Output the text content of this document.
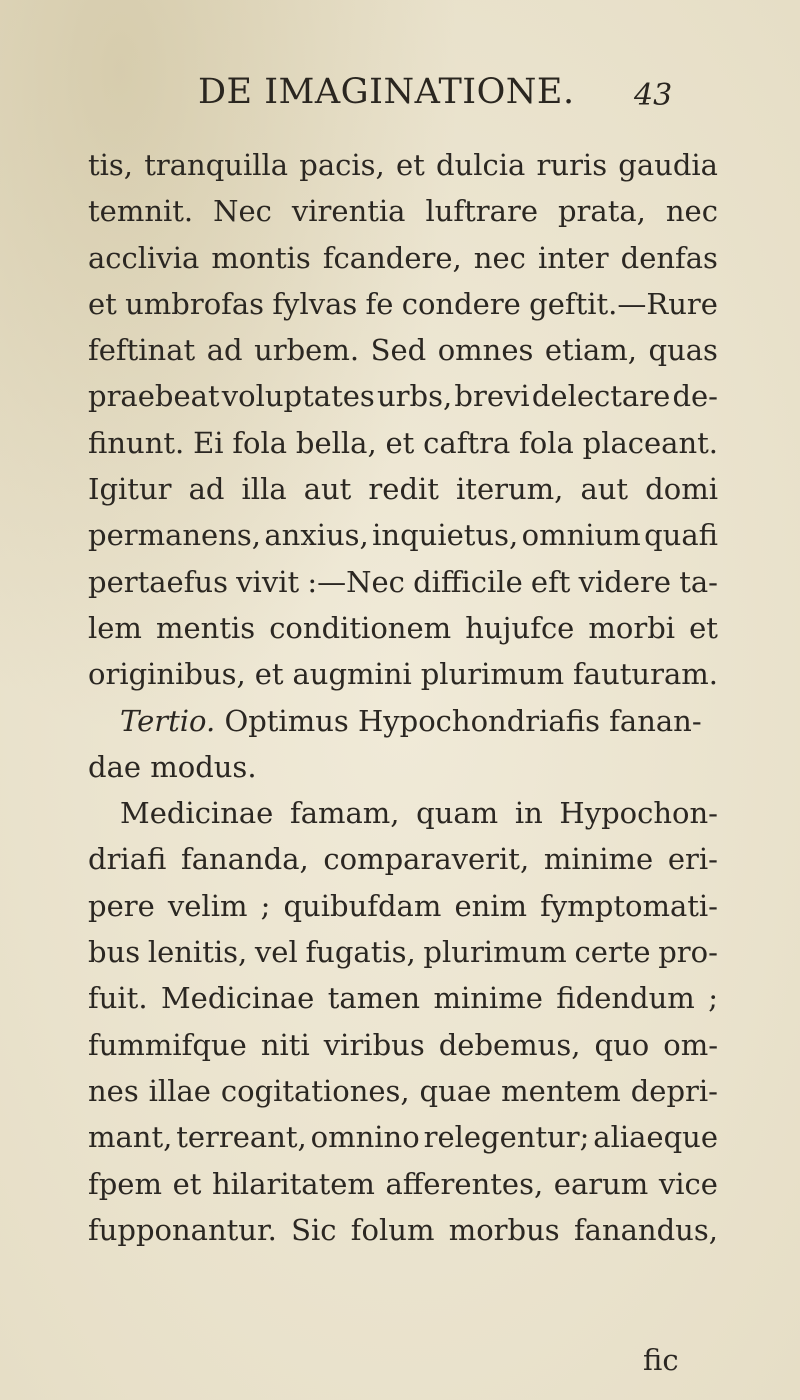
DE IMAGINATIONE. 43
tis, tranquilla pacis, et dulcia ruris gaudia
temnit. Nec virentia luftrare prata, nec
acclivia montis fcandere, nec inter denfas
et umbrofas fylvas fe condere geftit.—Rure
feftinat ad urbem. Sed omnes etiam, quas
praebeat voluptates urbs, brevi delectare de-
finunt. Ei fola bella, et caftra fola placeant.
Igitur ad illa aut redit iterum, aut domi
permanens, anxius, inquietus, omnium quafi
pertaefus vivit :—Nec difficile eft videre ta-
lem mentis conditionem hujufce morbi et
originibus, et augmini plurimum fauturam.
Tertio.
Optimus Hypochondriafis fanan-
dae modus.
Medicinae famam, quam in Hypochon-
driafi fananda, comparaverit, minime eri-
pere velim ; quibufdam enim fymptomati-
bus lenitis, vel fugatis, plurimum certe pro-
fuit. Medicinae tamen minime fidendum ;
fummifque niti viribus debemus, quo om-
nes illae cogitationes, quae mentem depri-
mant, terreant, omnino relegentur; aliaeque
fpem et hilaritatem afferentes, earum vice
fupponantur. Sic folum morbus fanandus,
fic
